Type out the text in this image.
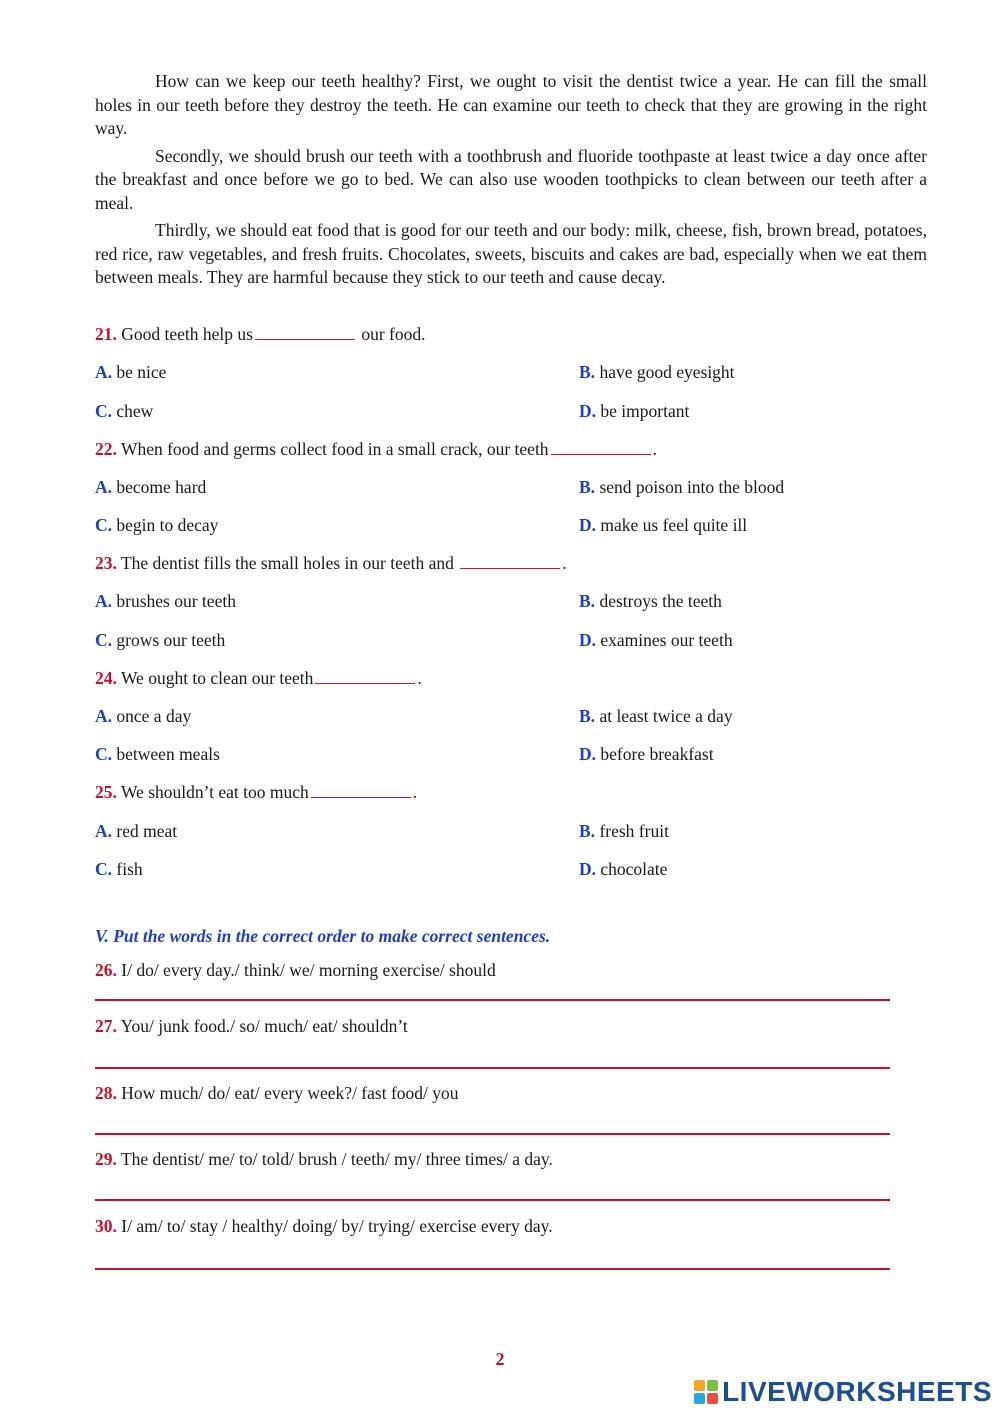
How can we keep our teeth healthy? First, we ought to visit the dentist twice a year. He can fill the small holes in our teeth before they destroy the teeth. He can examine our teeth to check that they are growing in the right way.

Secondly, we should brush our teeth with a toothbrush and fluoride toothpaste at least twice a day once after the breakfast and once before we go to bed. We can also use wooden toothpicks to clean between our teeth after a meal.

Thirdly, we should eat food that is good for our teeth and our body: milk, cheese, fish, brown bread, potatoes, red rice, raw vegetables, and fresh fruits. Chocolates, sweets, biscuits and cakes are bad, especially when we eat them between meals. They are harmful because they stick to our teeth and cause decay.

21. Good teeth help us	our food.

A. be nice	B. have good eyesight
C. chew	D. be important

22. When food and germs collect food in a small crack, our teeth	.

A. become hard	B. send poison into the blood
C. begin to decay	D. make us feel quite ill

23. The dentist fills the small holes in our teeth and	.

A. brushes our teeth	B. destroys the teeth
C. grows our teeth	D. examines our teeth

24. We ought to clean our teeth	.

A. once a day	B. at least twice a day
C. between meals	D. before breakfast

25. We shouldn’t eat too much	.

A. red meat	B. fresh fruit
C. fish	D. chocolate
V. Put the words in the correct order to make correct sentences.
26. I/ do/ every day./ think/ we/ morning exercise/ should
27. You/ junk food./ so/ much/ eat/ shouldn’t
28. How much/ do/ eat/ every week?/ fast food/ you
29. The dentist/ me/ to/ told/ brush / teeth/ my/ three times/ a day.
30. I/ am/ to/ stay / healthy/ doing/ by/ trying/ exercise every day.
2
LIVEWORKSHEETS
